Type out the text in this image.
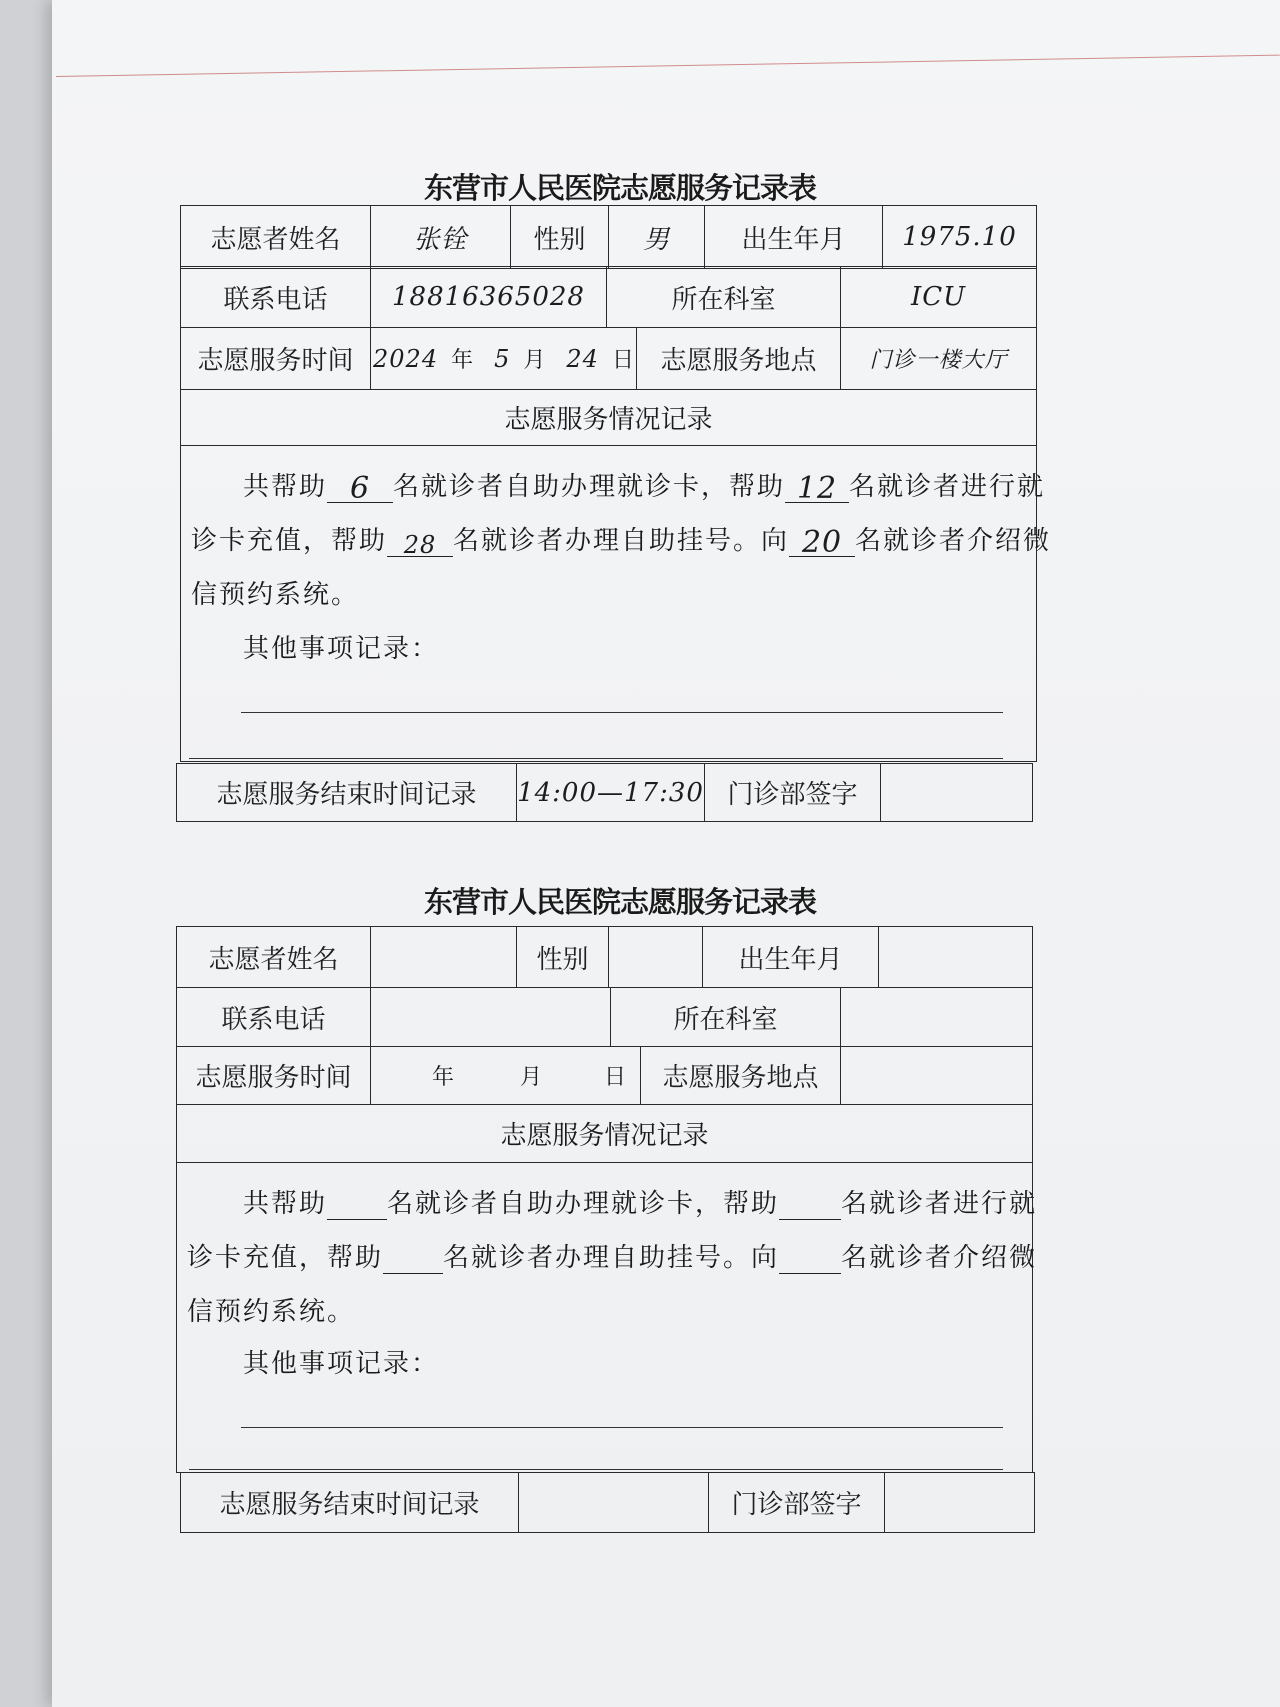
东营市人民医院志愿服务记录表
志愿者姓名	张铨	性别	男	出生年月	1975.10
联系电话	18816365028	所在科室	ICU
志愿服务时间	2024 年 5 月 24 日	志愿服务地点	门诊一楼大厅
志愿服务情况记录

共帮助 6 名就诊者自助办理就诊卡，帮助 12 名就诊者进行就
诊卡充值，帮助 28 名就诊者办理自助挂号。向 20 名就诊者介绍微
信预约系统。
其他事项记录：
志愿服务结束时间记录	14:00—17:30	门诊部签字	
东营市人民医院志愿服务记录表
志愿者姓名		性别		出生年月	
联系电话		所在科室	
志愿服务时间	年	月	日	志愿服务地点	
志愿服务情况记录

共帮助 名就诊者自助办理就诊卡，帮助 名就诊者进行就
诊卡充值，帮助 名就诊者办理自助挂号。向 名就诊者介绍微
信预约系统。
其他事项记录：
志愿服务结束时间记录		门诊部签字	
